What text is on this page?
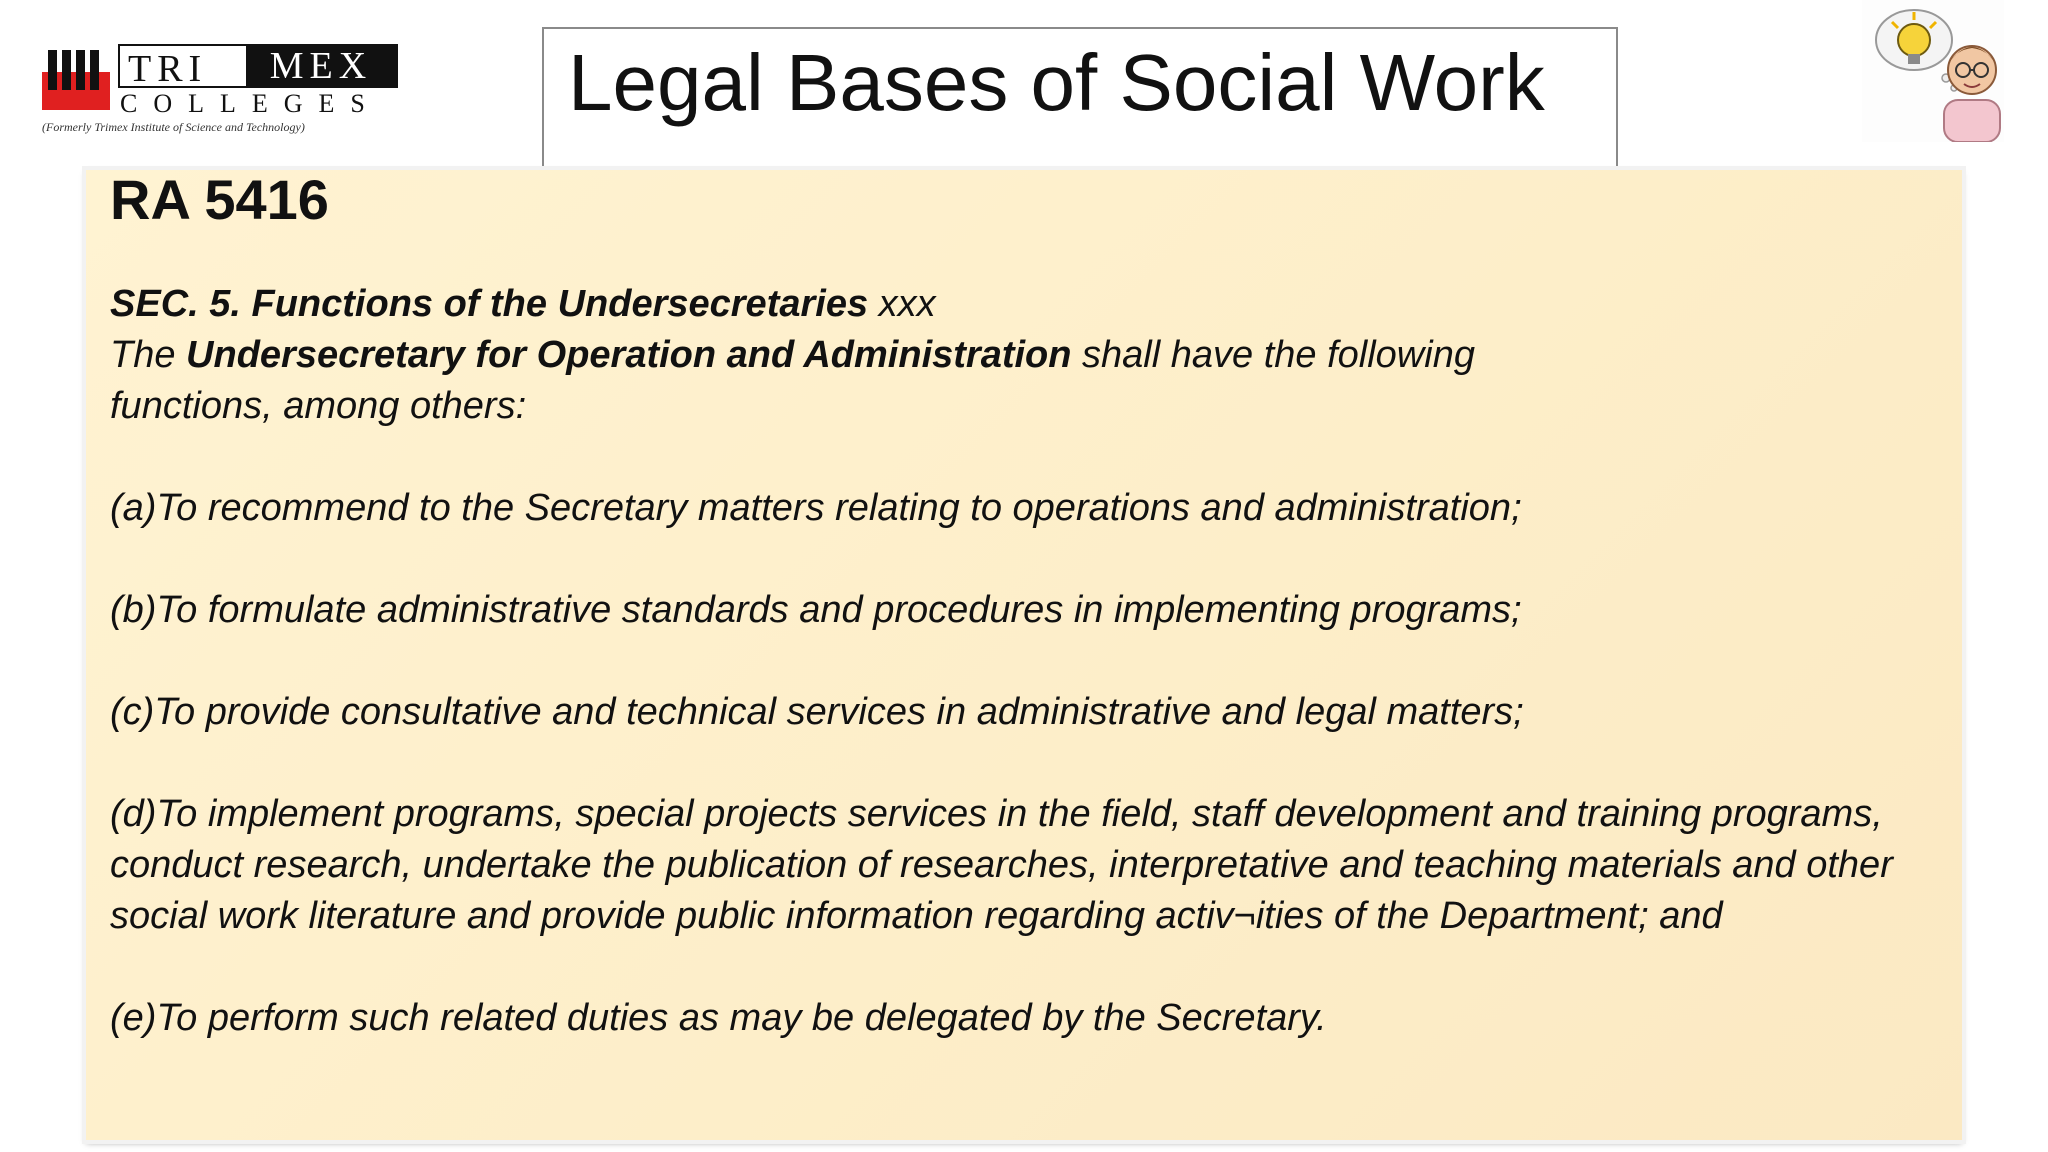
TRI	MEX
COLLEGES
(Formerly Trimex Institute of Science and Technology)	Legal Bases of Social Work

RA 5416

SEC. 5. Functions of the Undersecretaries xxx

The Undersecretary for Operation and Administration shall have the following functions, among others:

(a)To recommend to the Secretary matters relating to operations and administration;

(b)To formulate administrative standards and procedures in implementing programs;

(c)To provide consultative and technical services in administrative and legal matters;

(d)To implement programs, special projects services in the field, staff development and training programs, conduct research, undertake the publication of researches, interpretative and teaching materials and other social work literature and provide public information regarding activ¬ities of the Department; and

(e)To perform such related duties as may be delegated by the Secretary.
